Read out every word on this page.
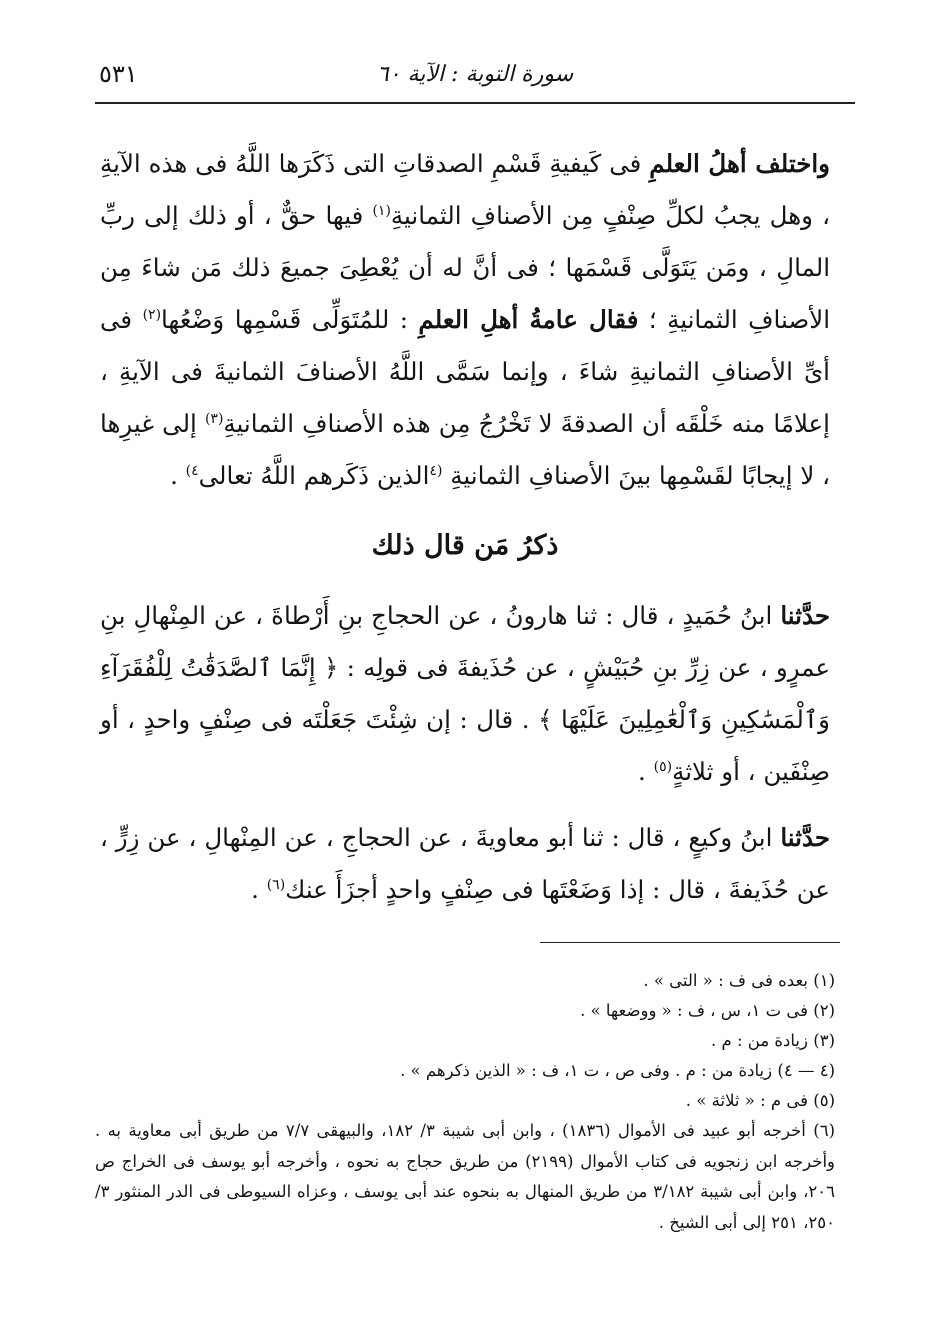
سورة التوبة : الآية ٦٠
٥٣١

واختلف أهلُ العلمِ فى كَيفيةِ قَسْمِ الصدقاتِ التى ذَكَرَها اللَّهُ فى هذه الآيةِ ، وهل يجبُ لكلِّ صِنْفٍ مِن الأصنافِ الثمانيةِ$^{(١)}$ فيها حقٌّ ، أو ذلك إلى ربِّ المالِ ، ومَن يَتَوَلَّى قَسْمَها ؛ فى أنَّ له أن يُعْطِىَ جميعَ ذلك مَن شاءَ مِن الأصنافِ الثمانيةِ ؛ فقال عامةُ أهلِ العلمِ : للمُتَوَلِّى قَسْمِها وَضْعُها$^{(٢)}$ فى أىِّ الأصنافِ الثمانيةِ شاءَ ، وإنما سَمَّى اللَّهُ الأصنافَ الثمانيةَ فى الآيةِ ، إعلامًا منه خَلْقَه أن الصدقةَ لا تَخْرُجُ مِن هذه الأصنافِ الثمانيةِ$^{(٣)}$ إلى غيرِها ، لا إيجابًا لقَسْمِها بينَ الأصنافِ الثمانيةِ $^{(٤}$الذين ذَكَرهم اللَّهُ تعالى$^{٤)}$ .

ذكرُ مَن قال ذلك

حدَّثنا ابنُ حُمَيدٍ ، قال : ثنا هارونُ ، عن الحجاجِ بنِ أَرْطاةَ ، عن المِنْهالِ بنِ عمرٍو ، عن زِرِّ بنِ حُبَيْشٍ ، عن حُذَيفةَ فى قولِه : ﴿ إِنَّمَا ٱلصَّدَقَٰتُ لِلْفُقَرَآءِ وَٱلْمَسَٰكِينِ وَٱلْعَٰمِلِينَ عَلَيْهَا ﴾ . قال : إن شِئْتَ جَعَلْتَه فى صِنْفٍ واحدٍ ، أو صِنْفَين ، أو ثلاثةٍ$^{(٥)}$ .

حدَّثنا ابنُ وكيعٍ ، قال : ثنا أبو معاويةَ ، عن الحجاجِ ، عن المِنْهالِ ، عن زِرٍّ ، عن حُذَيفةَ ، قال : إذا وَضَعْتَها فى صِنْفٍ واحدٍ أجزَأَ عنك$^{(٦)}$ .

(١) بعده فى ف : « التى » .

(٢) فى ت ١، س ، ف : « ووضعها » .

(٣) زيادة من : م .

(٤ — ٤) زيادة من : م . وفى ص ، ت ١، ف : « الذين ذكرهم » .

(٥) فى م : « ثلاثة » .

(٦) أخرجه أبو عبيد فى الأموال (١٨٣٦) ، وابن أبى شيبة ٣/ ١٨٢، والبيهقى ٧/٧ من طريق أبى معاوية به . وأخرجه ابن زنجويه فى كتاب الأموال (٢١٩٩) من طريق حجاج به نحوه ، وأخرجه أبو يوسف فى الخراج ص ٢٠٦، وابن أبى شيبة ٣/١٨٢ من طريق المنهال به بنحوه عند أبى يوسف ، وعزاه السيوطى فى الدر المنثور ٣/ ٢٥٠، ٢٥١ إلى أبى الشيخ .
